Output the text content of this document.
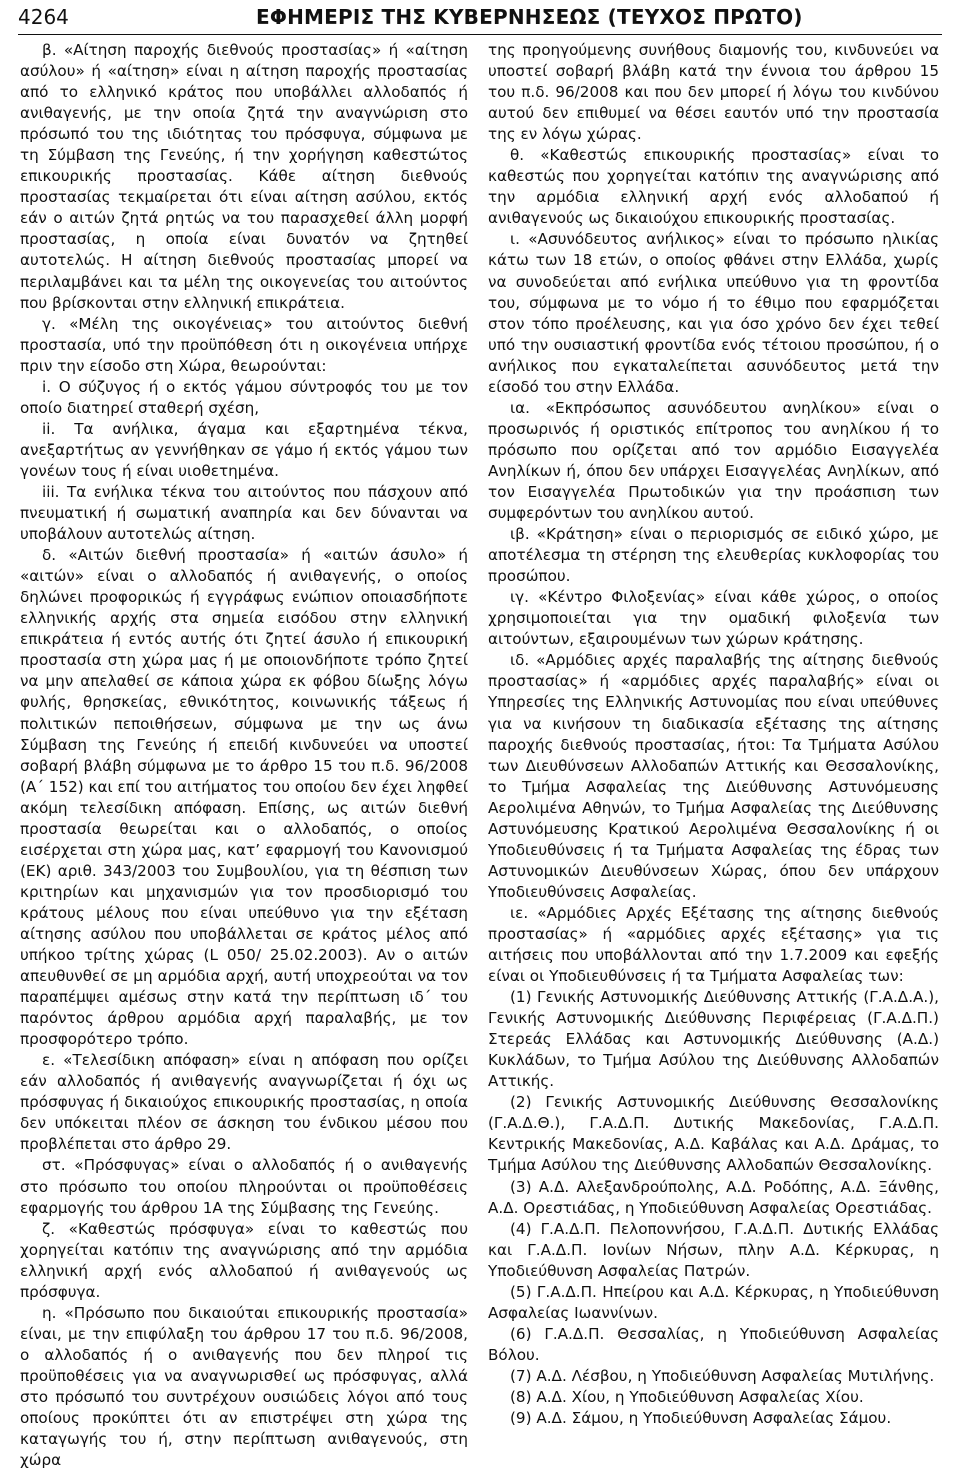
4264	ΕΦΗΜΕΡΙΣ ΤΗΣ ΚΥΒΕΡΝΗΣΕΩΣ (ΤΕΥΧΟΣ ΠΡΩΤΟ)

β. «Αίτηση παροχής διεθνούς προστασίας» ή «αίτηση ασύλου» ή «αίτηση» είναι η αίτηση παροχής προστασίας από το ελληνικό κράτος που υποβάλλει αλλοδαπός ή ανιθαγενής, με την οποία ζητά την αναγνώριση στο πρόσωπό του της ιδιότητας του πρόσφυγα, σύμφωνα με τη Σύμβαση της Γενεύης, ή την χορήγηση καθεστώτος επικουρικής προστασίας. Κάθε αίτηση διεθνούς προστασίας τεκμαίρεται ότι είναι αίτηση ασύλου, εκτός εάν ο αιτών ζητά ρητώς να του παρασχεθεί άλλη μορφή προστασίας, η οποία είναι δυνατόν να ζητηθεί αυτοτελώς. Η αίτηση διεθνούς προστασίας μπορεί να περιλαμβάνει και τα μέλη της οικογενείας του αιτούντος που βρίσκονται στην ελληνική επικράτεια.

γ. «Μέλη της οικογένειας» του αιτούντος διεθνή προστασία, υπό την προϋπόθεση ότι η οικογένεια υπήρχε πριν την είσοδο στη Χώρα, θεωρούνται:

i. Ο σύζυγος ή ο εκτός γάμου σύντροφός του με τον οποίο διατηρεί σταθερή σχέση,

ii. Τα ανήλικα, άγαμα και εξαρτημένα τέκνα, ανεξαρτήτως αν γεννήθηκαν σε γάμο ή εκτός γάμου των γονέων τους ή είναι υιοθετημένα.

iii. Τα ενήλικα τέκνα του αιτούντος που πάσχουν από πνευματική ή σωματική αναπηρία και δεν δύνανται να υποβάλουν αυτοτελώς αίτηση.

δ. «Αιτών διεθνή προστασία» ή «αιτών άσυλο» ή «αιτών» είναι ο αλλοδαπός ή ανιθαγενής, ο οποίος δηλώνει προφορικώς ή εγγράφως ενώπιον οποιασδήποτε ελληνικής αρχής στα σημεία εισόδου στην ελληνική επικράτεια ή εντός αυτής ότι ζητεί άσυλο ή επικουρική προστασία στη χώρα μας ή με οποιονδήποτε τρόπο ζητεί να μην απελαθεί σε κάποια χώρα εκ φόβου δίωξης λόγω φυλής, θρησκείας, εθνικότητος, κοινωνικής τάξεως ή πολιτικών πεποιθήσεων, σύμφωνα με την ως άνω Σύμβαση της Γενεύης ή επειδή κινδυνεύει να υποστεί σοβαρή βλάβη σύμφωνα με το άρθρο 15 του π.δ. 96/2008 (Α΄ 152) και επί του αιτήματος του οποίου δεν έχει ληφθεί ακόμη τελεσίδικη απόφαση. Επίσης, ως αιτών διεθνή προστασία θεωρείται και ο αλλοδαπός, ο οποίος εισέρχεται στη χώρα μας, κατ’ εφαρμογή του Κανονισμού (ΕΚ) αριθ. 343/2003 του Συμβουλίου, για τη θέσπιση των κριτηρίων και μηχανισμών για τον προσδιορισμό του κράτους μέλους που είναι υπεύθυνο για την εξέταση αίτησης ασύλου που υποβάλλεται σε κράτος μέλος από υπήκοο τρίτης χώρας (L 050/ 25.02.2003). Αν ο αιτών απευθυνθεί σε μη αρμόδια αρχή, αυτή υποχρεούται να τον παραπέμψει αμέσως στην κατά την περίπτωση ιδ΄ του παρόντος άρθρου αρμόδια αρχή παραλαβής, με τον προσφορότερο τρόπο.

ε. «Τελεσίδικη απόφαση» είναι η απόφαση που ορίζει εάν αλλοδαπός ή ανιθαγενής αναγνωρίζεται ή όχι ως πρόσφυγας ή δικαιούχος επικουρικής προστασίας, η οποία δεν υπόκειται πλέον σε άσκηση του ένδικου μέσου που προβλέπεται στο άρθρο 29.

στ. «Πρόσφυγας» είναι ο αλλοδαπός ή ο ανιθαγενής στο πρόσωπο του οποίου πληρούνται οι προϋποθέσεις εφαρμογής του άρθρου 1Α της Σύμβασης της Γενεύης.

ζ. «Καθεστώς πρόσφυγα» είναι το καθεστώς που χορηγείται κατόπιν της αναγνώρισης από την αρμόδια ελληνική αρχή ενός αλλοδαπού ή ανιθαγενούς ως πρόσφυγα.

η. «Πρόσωπο που δικαιούται επικουρικής προστασία» είναι, με την επιφύλαξη του άρθρου 17 του π.δ. 96/2008, ο αλλοδαπός ή ο ανιθαγενής που δεν πληροί τις προϋποθέσεις για να αναγνωρισθεί ως πρόσφυγας, αλλά στο πρόσωπό του συντρέχουν ουσιώδεις λόγοι από τους οποίους προκύπτει ότι αν επιστρέψει στη χώρα της καταγωγής του ή, στην περίπτωση ανιθαγενούς, στη χώρα

της προηγούμενης συνήθους διαμονής του, κινδυνεύει να υποστεί σοβαρή βλάβη κατά την έννοια του άρθρου 15 του π.δ. 96/2008 και που δεν μπορεί ή λόγω του κινδύνου αυτού δεν επιθυμεί να θέσει εαυτόν υπό την προστασία της εν λόγω χώρας.

θ. «Καθεστώς επικουρικής προστασίας» είναι το καθεστώς που χορηγείται κατόπιν της αναγνώρισης από την αρμόδια ελληνική αρχή ενός αλλοδαπού ή ανιθαγενούς ως δικαιούχου επικουρικής προστασίας.

ι. «Ασυνόδευτος ανήλικος» είναι το πρόσωπο ηλικίας κάτω των 18 ετών, ο οποίος φθάνει στην Ελλάδα, χωρίς να συνοδεύεται από ενήλικα υπεύθυνο για τη φροντίδα του, σύμφωνα με το νόμο ή το έθιμο που εφαρμόζεται στον τόπο προέλευσης, και για όσο χρόνο δεν έχει τεθεί υπό την ουσιαστική φροντίδα ενός τέτοιου προσώπου, ή ο ανήλικος που εγκαταλείπεται ασυνόδευτος μετά την είσοδό του στην Ελλάδα.

ια. «Εκπρόσωπος ασυνόδευτου ανηλίκου» είναι ο προσωρινός ή οριστικός επίτροπος του ανηλίκου ή το πρόσωπο που ορίζεται από τον αρμόδιο Εισαγγελέα Ανηλίκων ή, όπου δεν υπάρχει Εισαγγελέας Ανηλίκων, από τον Εισαγγελέα Πρωτοδικών για την προάσπιση των συμφερόντων του ανηλίκου αυτού.

ιβ. «Κράτηση» είναι ο περιορισμός σε ειδικό χώρο, με αποτέλεσμα τη στέρηση της ελευθερίας κυκλοφορίας του προσώπου.

ιγ. «Κέντρο Φιλοξενίας» είναι κάθε χώρος, ο οποίος χρησιμοποιείται για την ομαδική φιλοξενία των αιτούντων, εξαιρουμένων των χώρων κράτησης.

ιδ. «Αρμόδιες αρχές παραλαβής της αίτησης διεθνούς προστασίας» ή «αρμόδιες αρχές παραλαβής» είναι οι Υπηρεσίες της Ελληνικής Αστυνομίας που είναι υπεύθυνες για να κινήσουν τη διαδικασία εξέτασης της αίτησης παροχής διεθνούς προστασίας, ήτοι: Τα Τμήματα Ασύλου των Διευθύνσεων Αλλοδαπών Αττικής και Θεσσαλονίκης, το Τμήμα Ασφαλείας της Διεύθυνσης Αστυνόμευσης Αερολιμένα Αθηνών, το Τμήμα Ασφαλείας της Διεύθυνσης Αστυνόμευσης Κρατικού Αερολιμένα Θεσσαλονίκης ή οι Υποδιευθύνσεις ή τα Τμήματα Ασφαλείας της έδρας των Αστυνομικών Διευθύνσεων Χώρας, όπου δεν υπάρχουν Υποδιευθύνσεις Ασφαλείας.

ιε. «Αρμόδιες Αρχές Εξέτασης της αίτησης διεθνούς προστασίας» ή «αρμόδιες αρχές εξέτασης» για τις αιτήσεις που υποβάλλονται από την 1.7.2009 και εφεξής είναι οι Υποδιευθύνσεις ή τα Τμήματα Ασφαλείας των:

(1) Γενικής Αστυνομικής Διεύθυνσης Αττικής (Γ.Α.Δ.Α.), Γενικής Αστυνομικής Διεύθυνσης Περιφέρειας (Γ.Α.Δ.Π.) Στερεάς Ελλάδας και Αστυνομικής Διεύθυνσης (Α.Δ.) Κυκλάδων, το Τμήμα Ασύλου της Διεύθυνσης Αλλοδαπών Αττικής.

(2) Γενικής Αστυνομικής Διεύθυνσης Θεσσαλονίκης (Γ.Α.Δ.Θ.), Γ.Α.Δ.Π. Δυτικής Μακεδονίας, Γ.Α.Δ.Π. Κεντρικής Μακεδονίας, Α.Δ. Καβάλας και Α.Δ. Δράμας, το Τμήμα Ασύλου της Διεύθυνσης Αλλοδαπών Θεσσαλονίκης.

(3) Α.Δ. Αλεξανδρούπολης, Α.Δ. Ροδόπης, Α.Δ. Ξάνθης, Α.Δ. Ορεστιάδας, η Υποδιεύθυνση Ασφαλείας Ορεστιάδας.

(4) Γ.Α.Δ.Π. Πελοποννήσου, Γ.Α.Δ.Π. Δυτικής Ελλάδας και Γ.Α.Δ.Π. Ιονίων Νήσων, πλην Α.Δ. Κέρκυρας, η Υποδιεύθυνση Ασφαλείας Πατρών.

(5) Γ.Α.Δ.Π. Ηπείρου και Α.Δ. Κέρκυρας, η Υποδιεύθυνση Ασφαλείας Ιωαννίνων.

(6) Γ.Α.Δ.Π. Θεσσαλίας, η Υποδιεύθυνση Ασφαλείας Βόλου.

(7) Α.Δ. Λέσβου, η Υποδιεύθυνση Ασφαλείας Μυτιλήνης.

(8) Α.Δ. Χίου, η Υποδιεύθυνση Ασφαλείας Χίου.

(9) Α.Δ. Σάμου, η Υποδιεύθυνση Ασφαλείας Σάμου.
